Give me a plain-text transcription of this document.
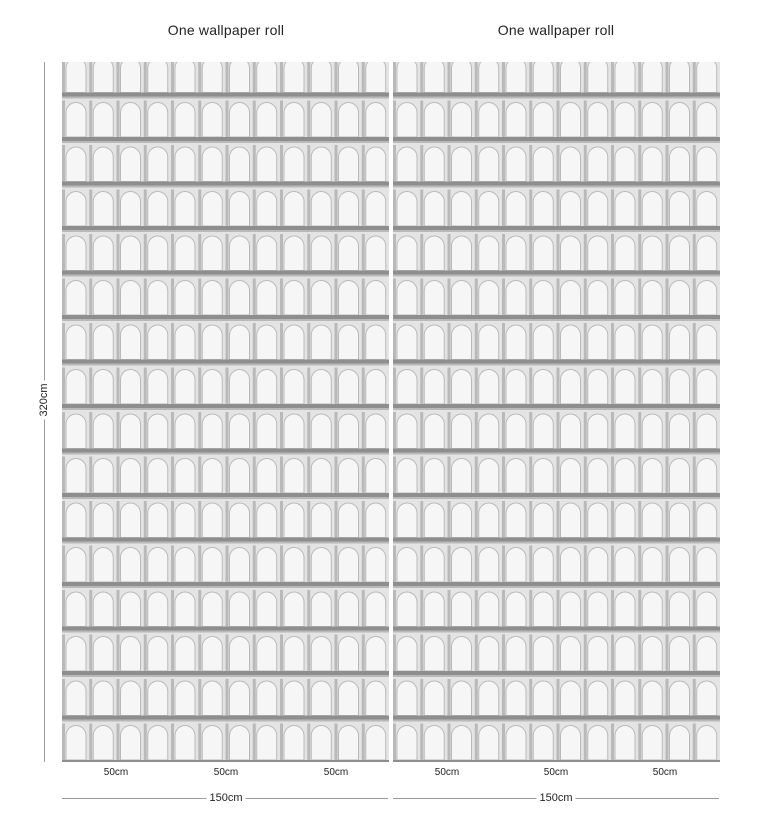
One wallpaper roll	One wallpaper roll
320cm
50cm	50cm	50cm	50cm	50cm	50cm
150cm	150cm
